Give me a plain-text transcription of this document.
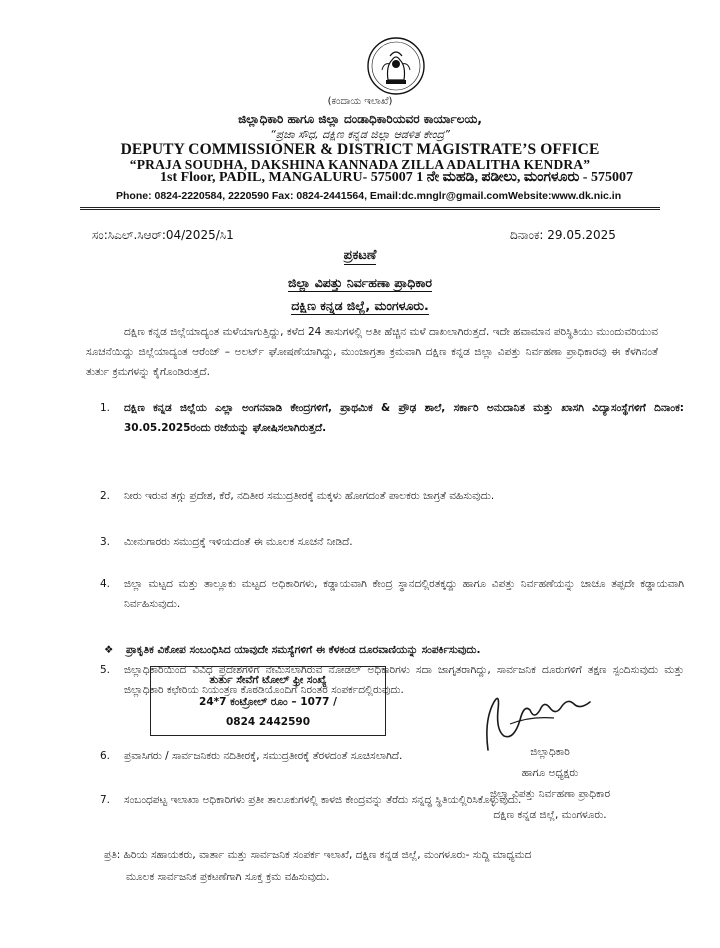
(ಕಂದಾಯ ಇಲಾಖೆ)
ಜಿಲ್ಲಾಧಿಕಾರಿ ಹಾಗೂ ಜಿಲ್ಲಾ ದಂಡಾಧಿಕಾರಿಯವರ ಕಾರ್ಯಾಲಯ,
“ಪ್ರಜಾ ಸೌಧ, ದಕ್ಷಿಣ ಕನ್ನಡ ಜಿಲ್ಲಾ ಆಡಳಿತ ಕೇಂದ್ರ”
DEPUTY COMMISSIONER & DISTRICT MAGISTRATE’S OFFICE
“PRAJA SOUDHA, DAKSHINA KANNADA ZILLA ADALITHA KENDRA”
1st Floor, PADIL, MANGALURU- 575007 1 ನೇ ಮಹಡಿ, ಪಡೀಲು, ಮಂಗಳೂರು - 575007
Phone: 0824-2220584, 2220590 Fax: 0824-2441564, Email:dc.mnglr@gmail.comWebsite:www.dk.nic.in
ಸಂ:ಸಿಎಲ್.ಸಿಆರ್:04/2025/ಸಿ1	ದಿನಾಂಕ: 29.05.2025
ಪ್ರಕಟಣೆ
ಜಿಲ್ಲಾ ವಿಪತ್ತು ನಿರ್ವಹಣಾ ಪ್ರಾಧಿಕಾರ
ದಕ್ಷಿಣ ಕನ್ನಡ ಜಿಲ್ಲೆ, ಮಂಗಳೂರು.
ದಕ್ಷಿಣ ಕನ್ನಡ ಜಿಲ್ಲೆಯಾದ್ಯಂತ ಮಳೆಯಾಗುತ್ತಿದ್ದು, ಕಳೆದ 24 ತಾಸುಗಳಲ್ಲಿ ಅತೀ ಹೆಚ್ಚಿನ ಮಳೆ ದಾಖಲಾಗಿರುತ್ತದೆ. ಇದೇ ಹವಾಮಾನ ಪರಿಸ್ಥಿತಿಯು ಮುಂದುವರಿಯುವ ಸೂಚನೆಯಿದ್ದು ಜಿಲ್ಲೆಯಾದ್ಯಂತ ಆರೆಂಜ್ – ಅಲರ್ಟ್ ಘೋಷಣೆಯಾಗಿದ್ದು, ಮುಂಜಾಗ್ರತಾ ಕ್ರಮವಾಗಿ ದಕ್ಷಿಣ ಕನ್ನಡ ಜಿಲ್ಲಾ ವಿಪತ್ತು ನಿರ್ವಹಣಾ ಪ್ರಾಧಿಕಾರವು ಈ ಕೆಳಗಿನಂತೆ ತುರ್ತು ಕ್ರಮಗಳನ್ನು ಕೈಗೊಂಡಿರುತ್ತದೆ.
1. ದಕ್ಷಿಣ ಕನ್ನಡ ಜಿಲ್ಲೆಯ ಎಲ್ಲಾ ಅಂಗನವಾಡಿ ಕೇಂದ್ರಗಳಿಗೆ, ಪ್ರಾಥಮಿಕ & ಪ್ರೌಢ ಶಾಲೆ, ಸರ್ಕಾರಿ ಅನುದಾನಿತ ಮತ್ತು ಖಾಸಗಿ ವಿದ್ಯಾಸಂಸ್ಥೆಗಳಿಗೆ ದಿನಾಂಕ: 30.05.2025ರಂದು ರಜೆಯನ್ನು ಘೋಷಿಸಲಾಗಿರುತ್ತದೆ.
2. ನೀರು ಇರುವ ತಗ್ಗು ಪ್ರದೇಶ, ಕೆರೆ, ನದಿತೀರ ಸಮುದ್ರತೀರಕ್ಕೆ ಮಕ್ಕಳು ಹೋಗದಂತೆ ಪಾಲಕರು ಜಾಗ್ರತೆ ವಹಿಸುವುದು.
3. ಮೀನುಗಾರರು ಸಮುದ್ರಕ್ಕೆ ಇಳಿಯದಂತೆ ಈ ಮೂಲಕ ಸೂಚನೆ ನೀಡಿದೆ.
4. ಜಿಲ್ಲಾ ಮಟ್ಟದ ಮತ್ತು ತಾಲ್ಲೂಕು ಮಟ್ಟದ ಅಧಿಕಾರಿಗಳು, ಕಡ್ಡಾಯವಾಗಿ ಕೇಂದ್ರ ಸ್ಥಾನದಲ್ಲಿರತಕ್ಕದ್ದು ಹಾಗೂ ವಿಪತ್ತು ನಿರ್ವಹಣೆಯನ್ನು ಚಾಚೂ ತಪ್ಪದೇ ಕಡ್ಡಾಯವಾಗಿ ನಿರ್ವಹಿಸುವುದು.
5. ಜಿಲ್ಲಾಧಿಕಾರಿಯಿಂದ ವಿವಿಧ ಪ್ರದೇಶಗಳಿಗೆ ನೇಮಿಸಲಾಗಿರುವ ನೋಡಲ್ ಅಧಿಕಾರಿಗಳು ಸದಾ ಜಾಗೃತರಾಗಿದ್ದು, ಸಾರ್ವಜನಿಕ ದೂರುಗಳಿಗೆ ತಕ್ಷಣ ಸ್ಪಂದಿಸುವುದು ಮತ್ತು ಜಿಲ್ಲಾಧಿಕಾರಿ ಕಛೇರಿಯ ನಿಯಂತ್ರಣ ಕೊಠಡಿಯೊಂದಿಗೆ ನಿರಂತರ ಸಂಪರ್ಕದಲ್ಲಿರುವುದು.
6. ಪ್ರವಾಸಿಗರು / ಸಾರ್ವಜನಿಕರು ನದಿತೀರಕ್ಕೆ, ಸಮುದ್ರತೀರಕ್ಕೆ ತೆರಳದಂತೆ ಸೂಚಿಸಲಾಗಿದೆ.
7. ಸಂಬಂಧಪಟ್ಟ ಇಲಾಖಾ ಅಧಿಕಾರಿಗಳು ಪ್ರತೀ ತಾಲೂಕುಗಳಲ್ಲಿ ಕಾಳಜಿ ಕೇಂದ್ರವನ್ನು ತೆರೆದು ಸನ್ನದ್ಧ ಸ್ಥಿತಿಯಲ್ಲಿರಿಸಿಕೊಳ್ಳುವುದು.
❖ ಪ್ರಾಕೃತಿಕ ವಿಕೋಪ ಸಂಬಂಧಿಸಿದ ಯಾವುದೇ ಸಮಸ್ಯೆಗಳಿಗೆ ಈ ಕೆಳಕಂಡ ದೂರವಾಣಿಯನ್ನು ಸಂಪರ್ಕಿಸುವುದು.
ತುರ್ತು ಸೇವೆಗೆ ಟೋಲ್ ಫ್ರೀ ಸಂಖ್ಯೆ
24*7 ಕಂಟ್ರೋಲ್ ರೂಂ – 1077 /
0824 2442590
ಜಿಲ್ಲಾಧಿಕಾರಿ
ಹಾಗೂ ಅಧ್ಯಕ್ಷರು
ಜಿಲ್ಲಾ ವಿಪತ್ತು ನಿರ್ವಹಣಾ ಪ್ರಾಧಿಕಾರ
ದಕ್ಷಿಣ ಕನ್ನಡ ಜಿಲ್ಲೆ, ಮಂಗಳೂರು.
ಪ್ರತಿ: ಹಿರಿಯ ಸಹಾಯಕರು, ವಾರ್ತಾ ಮತ್ತು ಸಾರ್ವಜನಿಕ ಸಂಪರ್ಕ ಇಲಾಖೆ, ದಕ್ಷಿಣ ಕನ್ನಡ ಜಿಲ್ಲೆ, ಮಂಗಳೂರು- ಸುದ್ದಿ ಮಾಧ್ಯಮದ
ಮೂಲಕ ಸಾರ್ವಜನಿಕ ಪ್ರಕಟಣೆಗಾಗಿ ಸೂಕ್ತ ಕ್ರಮ ವಹಿಸುವುದು.
